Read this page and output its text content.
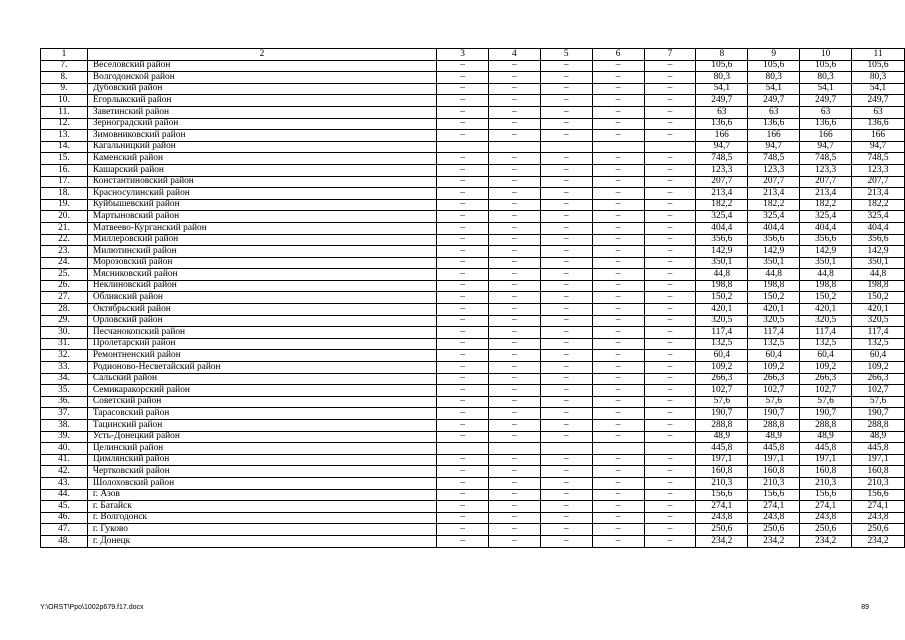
1	2	3	4	5	6	7	8	9	10	11
7.	Веселовский район	–	–	–	–	–	105,6	105,6	105,6	105,6
8.	Волгодонской район	–	–	–	–	–	80,3	80,3	80,3	80,3
9.	Дубовский район	–	–	–	–	–	54,1	54,1	54,1	54,1
10.	Егорлыкский район	–	–	–	–	–	249,7	249,7	249,7	249,7
11.	Заветинский район	–	–	–	–	–	63	63	63	63
12.	Зерноградский район	–	–	–	–	–	136,6	136,6	136,6	136,6
13.	Зимовниковский район	–	–	–	–	–	166	166	166	166
14.	Кагальницкий район						94,7	94,7	94,7	94,7
15.	Каменский район	–	–	–	–	–	748,5	748,5	748,5	748,5
16.	Кашарский район	–	–	–	–	–	123,3	123,3	123,3	123,3
17.	Константиновский район	–	–	–	–	–	207,7	207,7	207,7	207,7
18.	Красносулинский район	–	–	–	–	–	213,4	213,4	213,4	213,4
19.	Куйбышевский район	–	–	–	–	–	182,2	182,2	182,2	182,2
20.	Мартыновский район	–	–	–	–	–	325,4	325,4	325,4	325,4
21.	Матвеево-Курганский район	–	–	–	–	–	404,4	404,4	404,4	404,4
22.	Миллеровский район	–	–	–	–	–	356,6	356,6	356,6	356,6
23.	Милютинский район	–	–	–	–	–	142,9	142,9	142,9	142,9
24.	Морозовский район	–	–	–	–	–	350,1	350,1	350,1	350,1
25.	Мясниковский район	–	–	–	–	–	44,8	44,8	44,8	44,8
26.	Неклиновский район	–	–	–	–	–	198,8	198,8	198,8	198,8
27.	Обливский район	–	–	–	–	–	150,2	150,2	150,2	150,2
28.	Октябрьский район	–	–	–	–	–	420,1	420,1	420,1	420,1
29.	Орловский район	–	–	–	–	–	320,5	320,5	320,5	320,5
30.	Песчанокопский район	–	–	–	–	–	117,4	117,4	117,4	117,4
31.	Пролетарский район	–	–	–	–	–	132,5	132,5	132,5	132,5
32.	Ремонтненский район	–	–	–	–	–	60,4	60,4	60,4	60,4
33.	Родионово-Несветайский район	–	–	–	–	–	109,2	109,2	109,2	109,2
34.	Сальский район	–	–	–	–	–	266,3	266,3	266,3	266,3
35.	Семикаракорский район	–	–	–	–	–	102,7	102,7	102,7	102,7
36.	Советский район	–	–	–	–	–	57,6	57,6	57,6	57,6
37.	Тарасовский район	–	–	–	–	–	190,7	190,7	190,7	190,7
38.	Тацинский район	–	–	–	–	–	288,8	288,8	288,8	288,8
39.	Усть-Донецкий район	–	–	–	–	–	48,9	48,9	48,9	48,9
40.	Целинский район						445,8	445,8	445,8	445,8
41.	Цимлянский район	–	–	–	–	–	197,1	197,1	197,1	197,1
42.	Чертковский район	–	–	–	–	–	160,8	160,8	160,8	160,8
43.	Шолоховский район	–	–	–	–	–	210,3	210,3	210,3	210,3
44.	г. Азов	–	–	–	–	–	156,6	156,6	156,6	156,6
45.	г. Батайск	–	–	–	–	–	274,1	274,1	274,1	274,1
46.	г. Волгодонск	–	–	–	–	–	243,8	243,8	243,8	243,8
47.	г. Гуково	–	–	–	–	–	250,6	250,6	250,6	250,6
48.	г. Донецк	–	–	–	–	–	234,2	234,2	234,2	234,2
Y:\ORST\Ppo\1002p679.f17.docx	89
